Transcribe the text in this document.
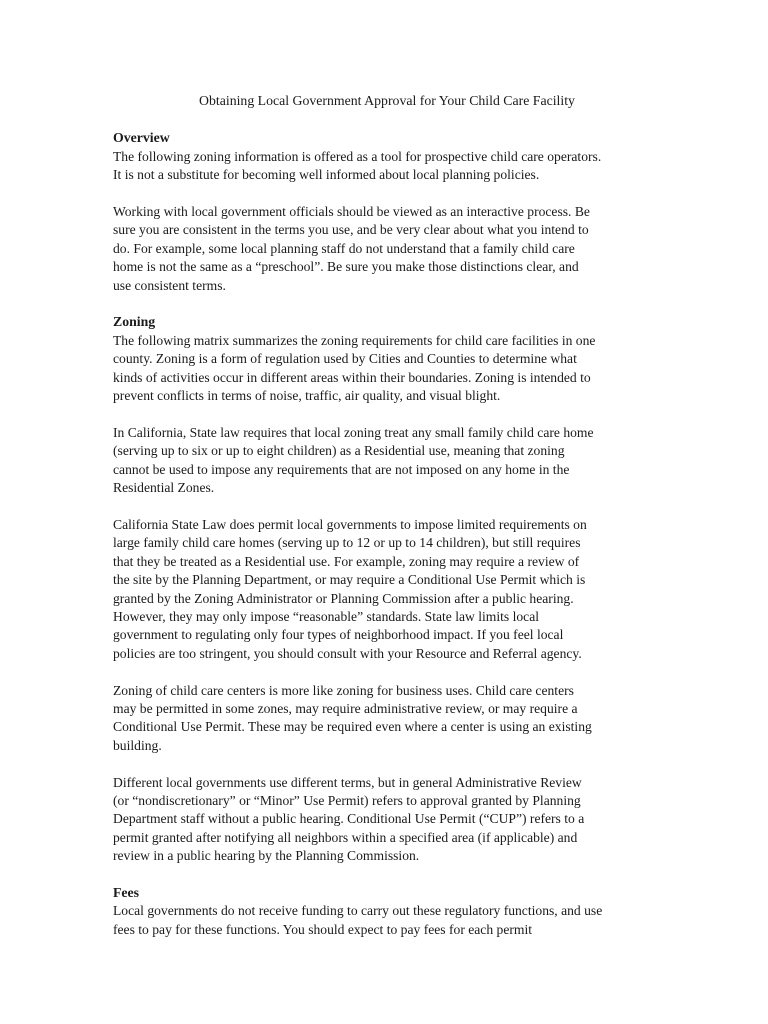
Obtaining Local Government Approval for Your Child Care Facility
Overview

The following zoning information is offered as a tool for prospective child care operators.
It is not a substitute for becoming well informed about local planning policies.

Working with local government officials should be viewed as an interactive process. Be
sure you are consistent in the terms you use, and be very clear about what you intend to
do. For example, some local planning staff do not understand that a family child care
home is not the same as a “preschool”. Be sure you make those distinctions clear, and
use consistent terms.

Zoning

The following matrix summarizes the zoning requirements for child care facilities in one
county. Zoning is a form of regulation used by Cities and Counties to determine what
kinds of activities occur in different areas within their boundaries. Zoning is intended to
prevent conflicts in terms of noise, traffic, air quality, and visual blight.

In California, State law requires that local zoning treat any small family child care home
(serving up to six or up to eight children) as a Residential use, meaning that zoning
cannot be used to impose any requirements that are not imposed on any home in the
Residential Zones.

California State Law does permit local governments to impose limited requirements on
large family child care homes (serving up to 12 or up to 14 children), but still requires
that they be treated as a Residential use. For example, zoning may require a review of
the site by the Planning Department, or may require a Conditional Use Permit which is
granted by the Zoning Administrator or Planning Commission after a public hearing.
However, they may only impose “reasonable” standards. State law limits local
government to regulating only four types of neighborhood impact. If you feel local
policies are too stringent, you should consult with your Resource and Referral agency.

Zoning of child care centers is more like zoning for business uses. Child care centers
may be permitted in some zones, may require administrative review, or may require a
Conditional Use Permit. These may be required even where a center is using an existing
building.

Different local governments use different terms, but in general Administrative Review
(or “nondiscretionary” or “Minor” Use Permit) refers to approval granted by Planning
Department staff without a public hearing. Conditional Use Permit (“CUP”) refers to a
permit granted after notifying all neighbors within a specified area (if applicable) and
review in a public hearing by the Planning Commission.

Fees

Local governments do not receive funding to carry out these regulatory functions, and use
fees to pay for these functions. You should expect to pay fees for each permit
